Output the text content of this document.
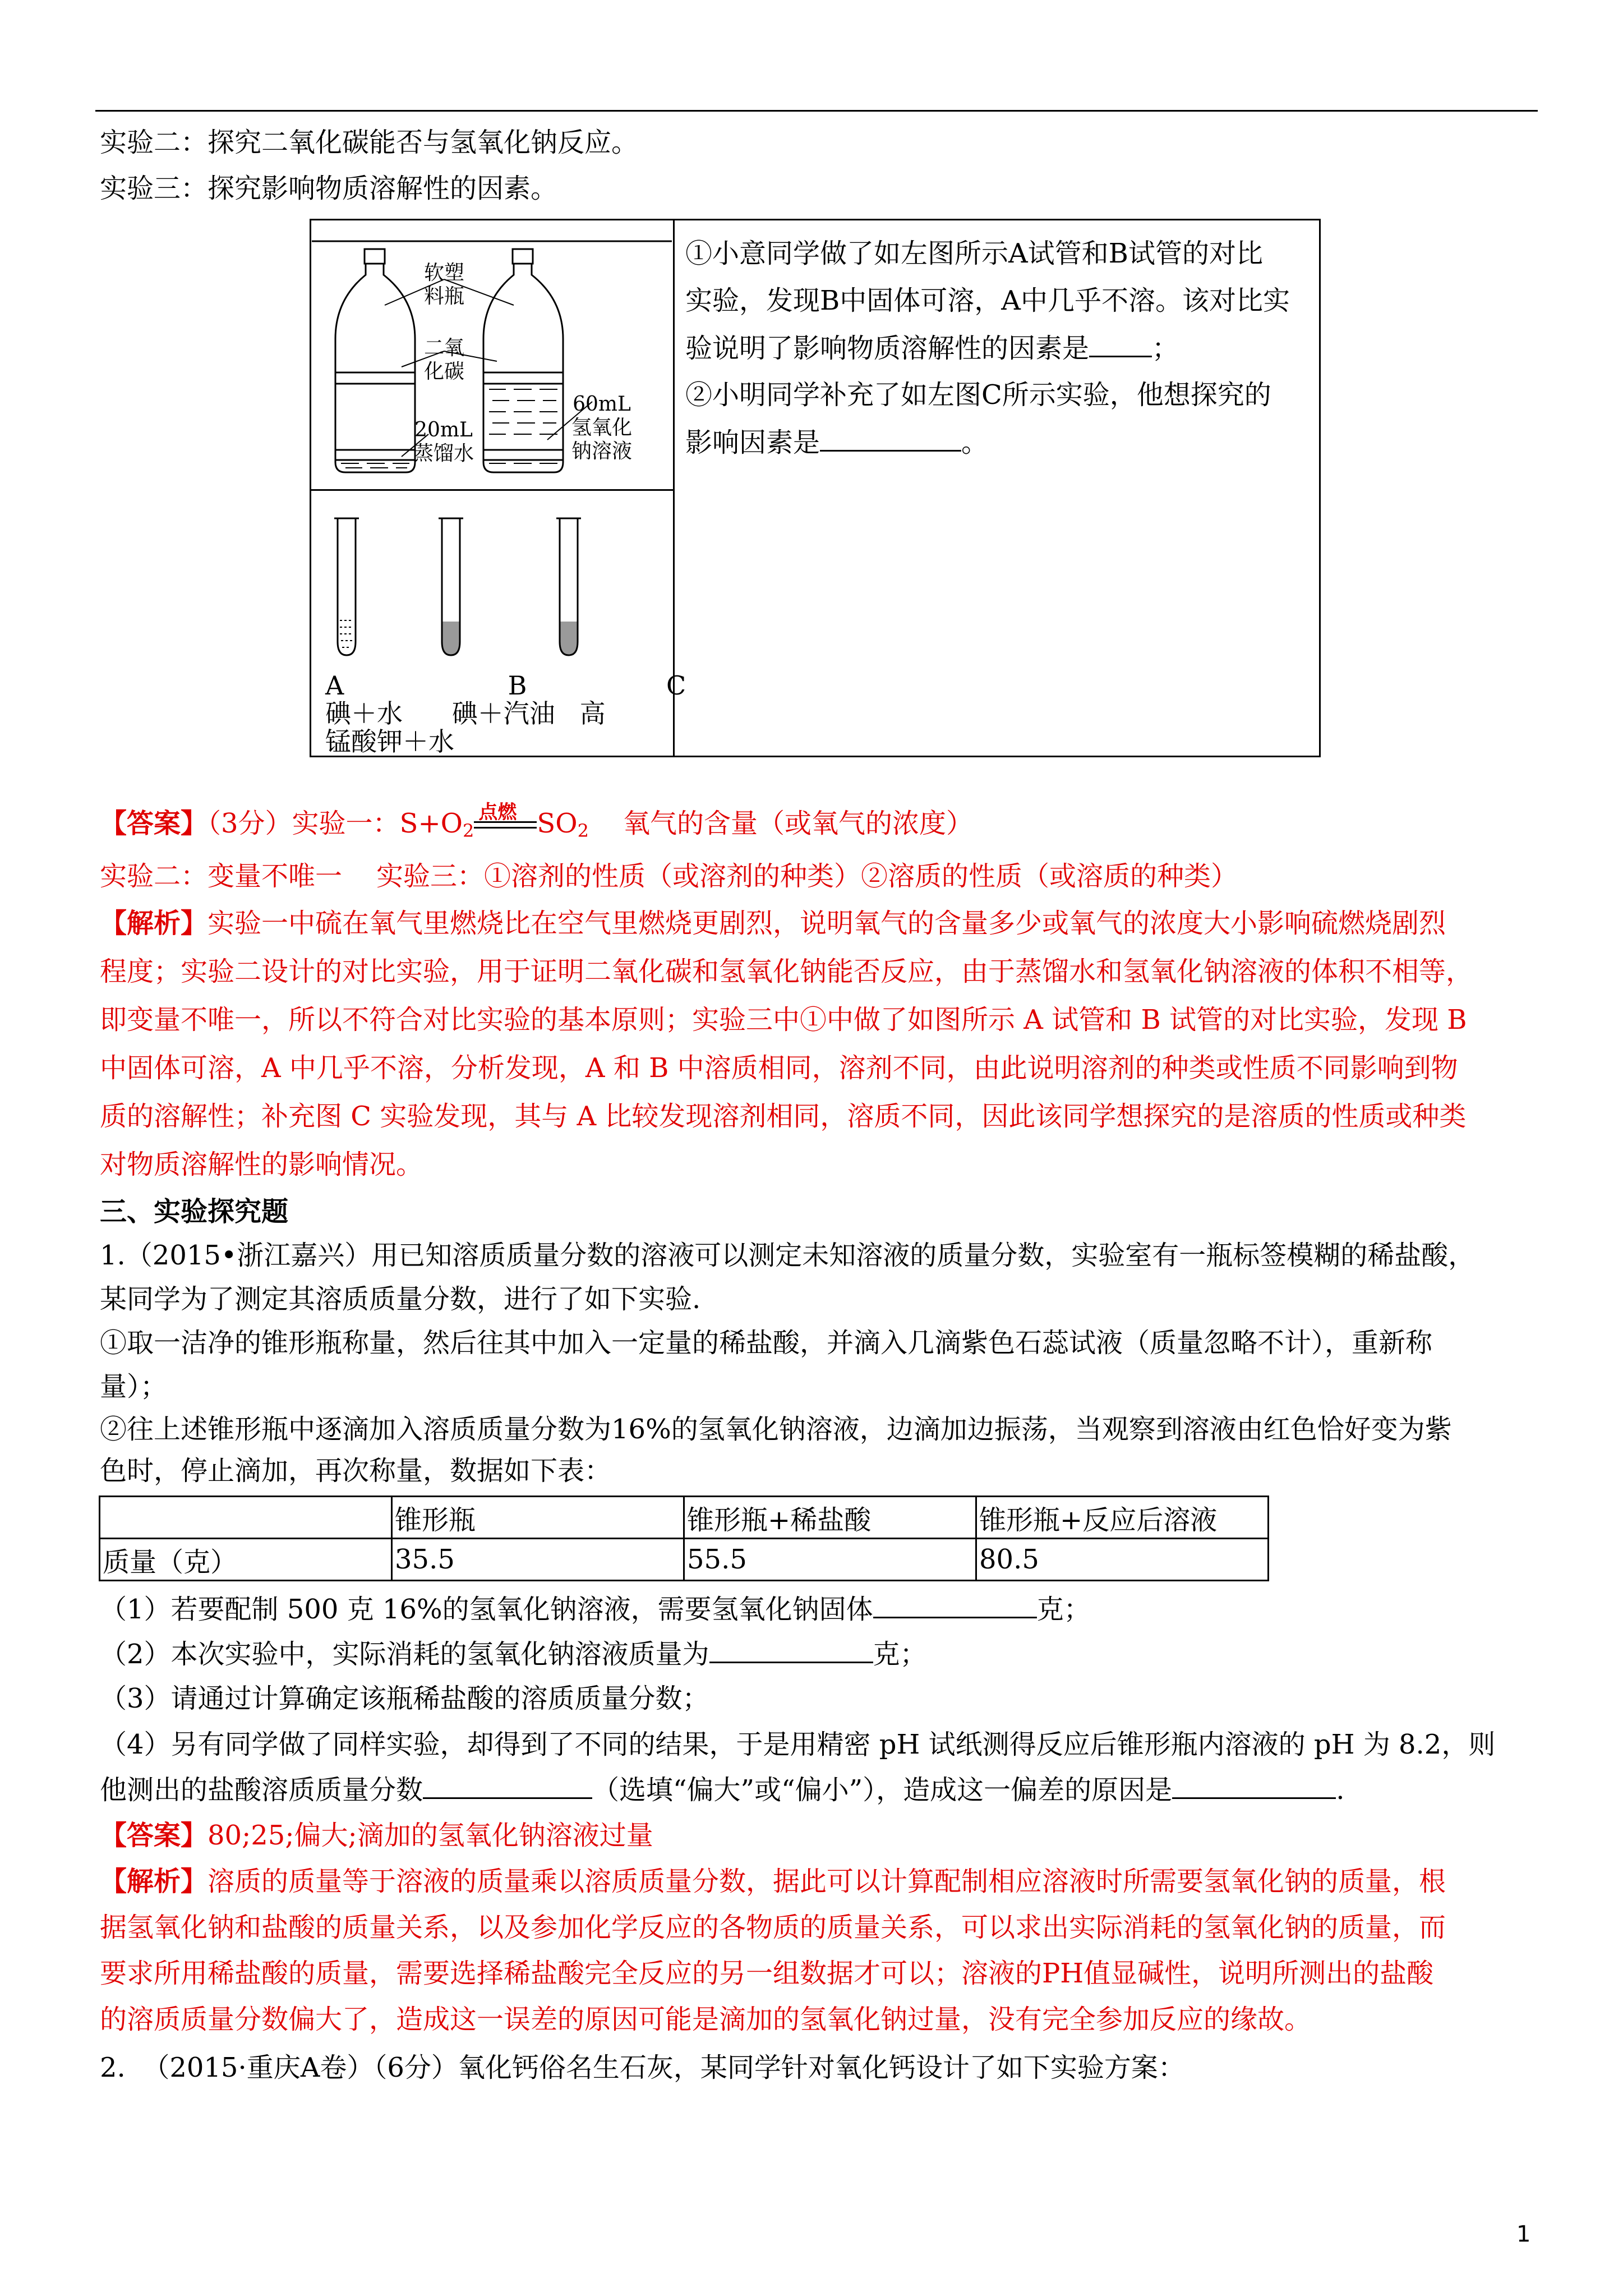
实验二：探究二氧化碳能否与氢氧化钠反应。
实验三：探究影响物质溶解性的因素。
软塑
料瓶
二氧
化碳
20mL
蒸馏水
60mL
氢氧化
钠溶液
A                    B                 C
碘＋水      碘＋汽油   高
锰酸钾＋水
①小意同学做了如左图所示A试管和B试管的对比
实验，发现B中固体可溶，A中几乎不溶。该对比实
验说明了影响物质溶解性的因素是 ；
②小明同学补充了如左图C所示实验，他想探究的
影响因素是	。
【答案】（3分）实验一：$S+O_2$
点燃 $SO_2$    氧气的含量（或氧气的浓度）
实验二：变量不唯一    实验三：①溶剂的性质（或溶剂的种类）②溶质的性质（或溶质的种类）
【解析】实验一中硫在氧气里燃烧比在空气里燃烧更剧烈，说明氧气的含量多少或氧气的浓度大小影响硫燃烧剧烈
程度；实验二设计的对比实验，用于证明二氧化碳和氢氧化钠能否反应，由于蒸馏水和氢氧化钠溶液的体积不相等，
即变量不唯一，所以不符合对比实验的基本原则；实验三中①中做了如图所示 A 试管和 B 试管的对比实验，发现 B
中固体可溶，A 中几乎不溶，分析发现，A 和 B 中溶质相同，溶剂不同，由此说明溶剂的种类或性质不同影响到物
质的溶解性；补充图 C 实验发现，其与 A 比较发现溶剂相同，溶质不同，因此该同学想探究的是溶质的性质或种类
对物质溶解性的影响情况。
三、实验探究题
1.（2015•浙江嘉兴）用已知溶质质量分数的溶液可以测定未知溶液的质量分数，实验室有一瓶标签模糊的稀盐酸，
某同学为了测定其溶质质量分数，进行了如下实验.
①取一洁净的锥形瓶称量，然后往其中加入一定量的稀盐酸，并滴入几滴紫色石蕊试液（质量忽略不计），重新称
量）；
②往上述锥形瓶中逐滴加入溶质质量分数为16%的氢氧化钠溶液，边滴加边振荡，当观察到溶液由红色恰好变为紫
色时，停止滴加，再次称量，数据如下表：
	锥形瓶	锥形瓶+稀盐酸	锥形瓶+反应后溶液
质量（克）	35.5	55.5	80.5
（1）若要配制 500 克 16%的氢氧化钠溶液，需要氢氧化钠固体	克；
（2）本次实验中，实际消耗的氢氧化钠溶液质量为	克；
（3）请通过计算确定该瓶稀盐酸的溶质质量分数；
（4）另有同学做了同样实验，却得到了不同的结果，于是用精密 pH 试纸测得反应后锥形瓶内溶液的 pH 为 8.2，则
他测出的盐酸溶质质量分数	（选填“偏大”或“偏小”），造成这一偏差的原因是	.
【答案】80;25;偏大;滴加的氢氧化钠溶液过量
【解析】溶质的质量等于溶液的质量乘以溶质质量分数，据此可以计算配制相应溶液时所需要氢氧化钠的质量，根
据氢氧化钠和盐酸的质量关系，以及参加化学反应的各物质的质量关系，可以求出实际消耗的氢氧化钠的质量，而
要求所用稀盐酸的质量，需要选择稀盐酸完全反应的另一组数据才可以；溶液的PH值显碱性，说明所测出的盐酸
的溶质质量分数偏大了，造成这一误差的原因可能是滴加的氢氧化钠过量，没有完全参加反应的缘故。
2.  （2015·重庆A卷）（6分）氧化钙俗名生石灰，某同学针对氧化钙设计了如下实验方案：
1
